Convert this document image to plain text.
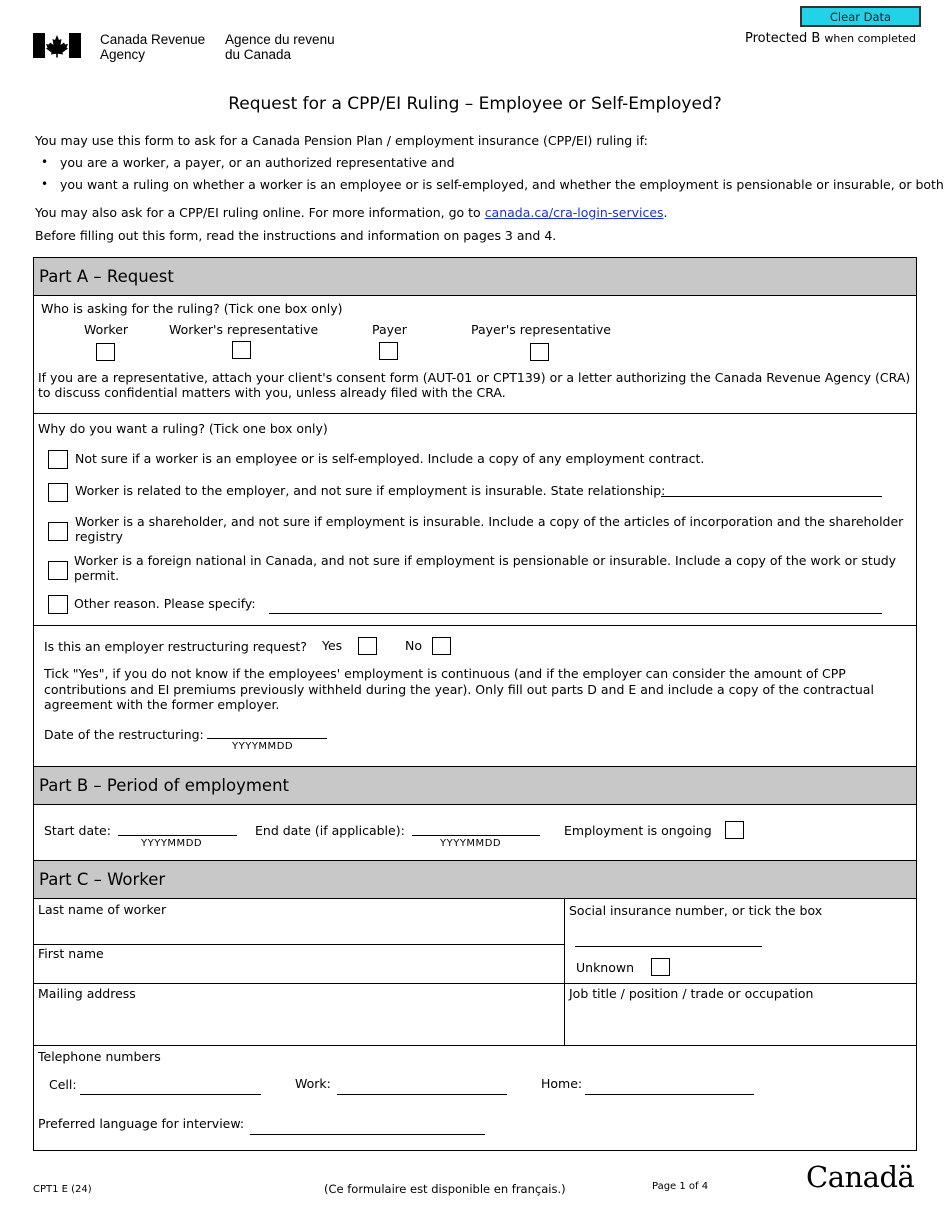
Canada Revenue
Agency
Agence du revenu
du Canada
Clear Data
Protected B when completed
Request for a CPP/EI Ruling – Employee or Self-Employed?
You may use this form to ask for a Canada Pension Plan / employment insurance (CPP/EI) ruling if:
• you are a worker, a payer, or an authorized representative and
• you want a ruling on whether a worker is an employee or is self-employed, and whether the employment is pensionable or insurable, or both
You may also ask for a CPP/EI ruling online. For more information, go to canada.ca/cra-login-services.
Before filling out this form, read the instructions and information on pages 3 and 4.
Part A – Request
Who is asking for the ruling? (Tick one box only)
Worker	Worker's representative	Payer	Payer's representative
If you are a representative, attach your client's consent form (AUT-01 or CPT139) or a letter authorizing the Canada Revenue Agency (CRA) to discuss confidential matters with you, unless already filed with the CRA.
Why do you want a ruling? (Tick one box only)
Not sure if a worker is an employee or is self-employed. Include a copy of any employment contract.
Worker is related to the employer, and not sure if employment is insurable. State relationship:
Worker is a shareholder, and not sure if employment is insurable. Include a copy of the articles of incorporation and the shareholder registry
Worker is a foreign national in Canada, and not sure if employment is pensionable or insurable. Include a copy of the work or study permit.
Other reason. Please specify:
Is this an employer restructuring request? Yes	No
Tick "Yes", if you do not know if the employees' employment is continuous (and if the employer can consider the amount of CPP contributions and EI premiums previously withheld during the year). Only fill out parts D and E and include a copy of the contractual agreement with the former employer.
Date of the restructuring:
YYYYMMDD
Part B – Period of employment
Start date:
YYYYMMDD
End date (if applicable):
YYYYMMDD
Employment is ongoing
Part C – Worker
Last name of worker	Social insurance number, or tick the box
Unknown
First name
Mailing address	Job title / position / trade or occupation
Telephone numbers
Cell:	Work:	Home:
Preferred language for interview:
CPT1 E (24)	(Ce formulaire est disponible en français.)	Page 1 of 4	Canadä
